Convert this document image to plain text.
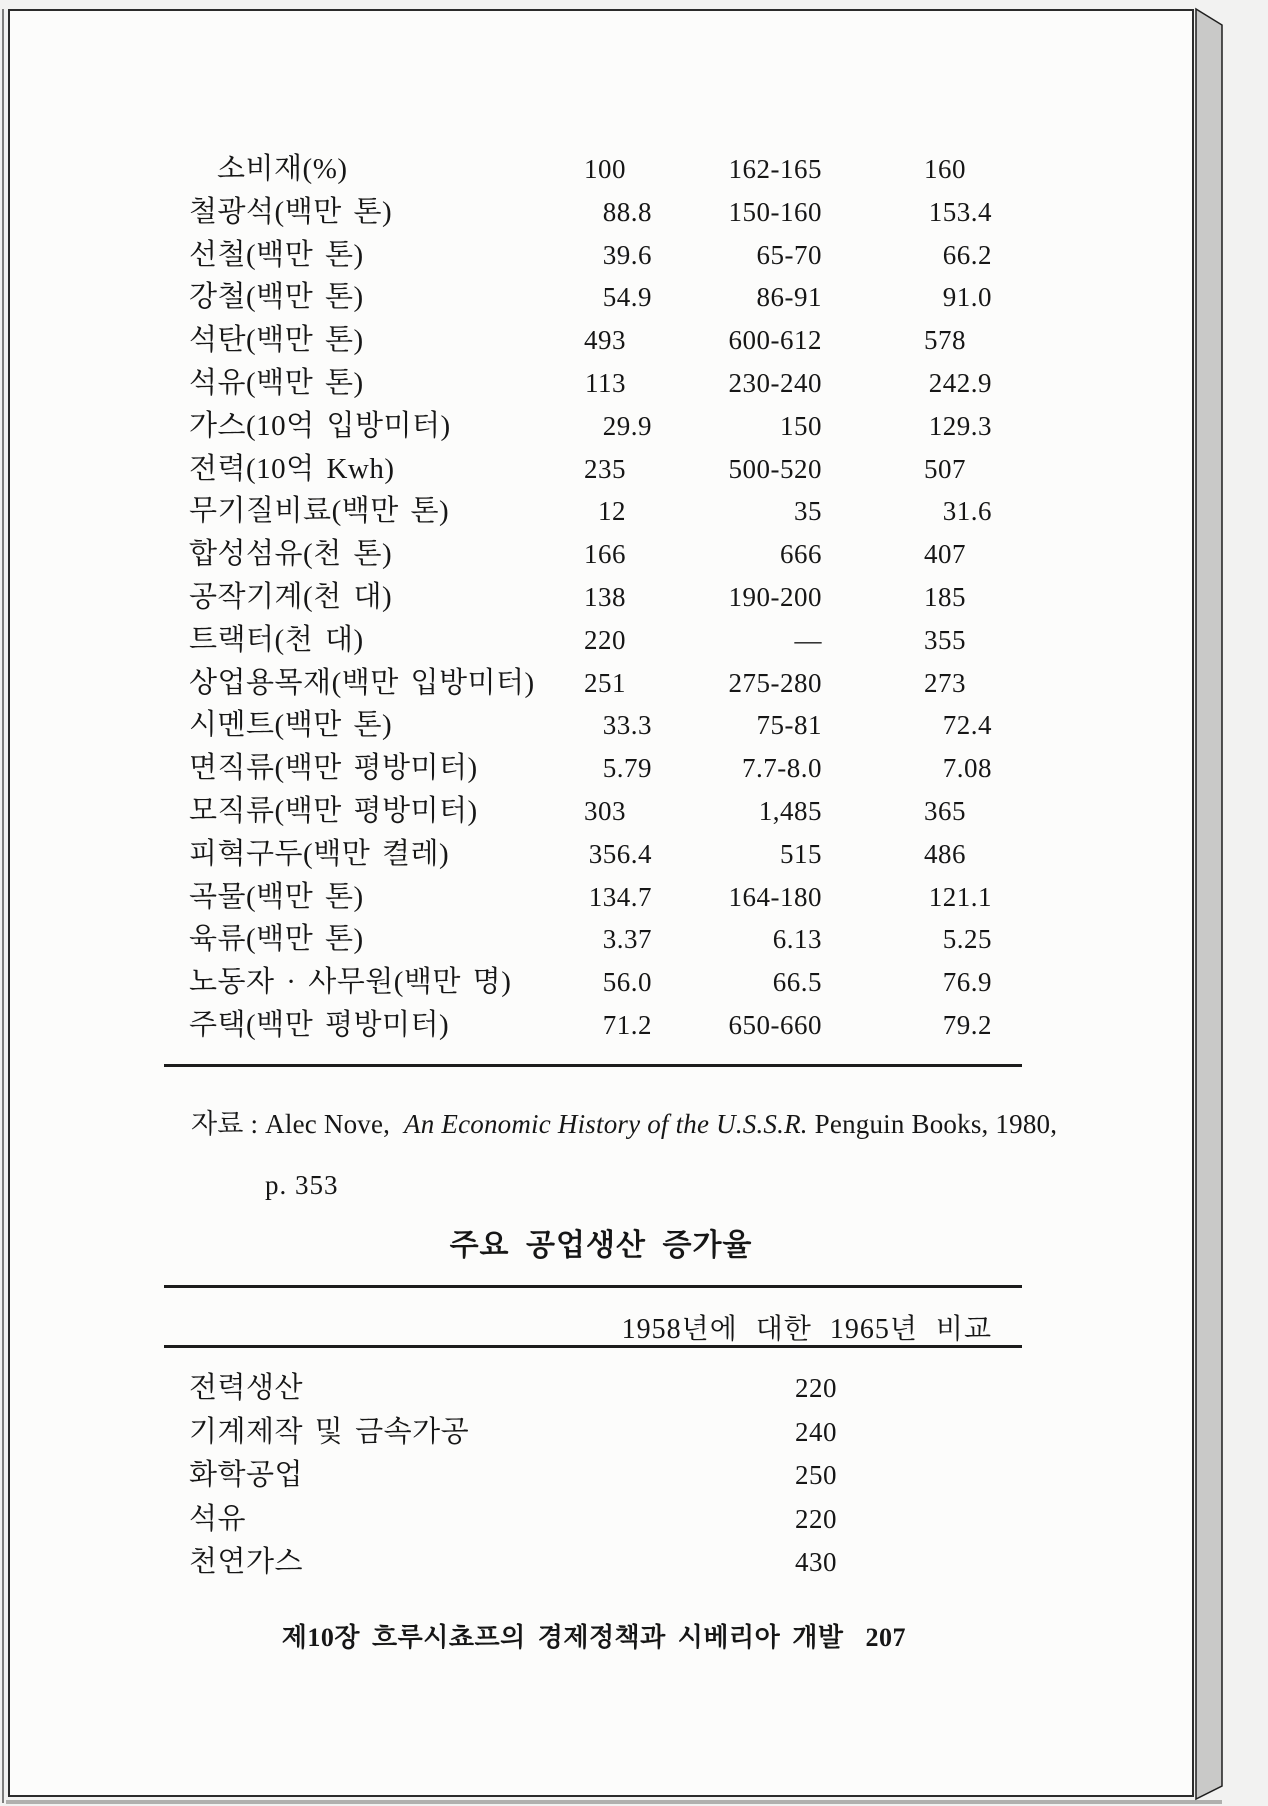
소비재(%)	100	162-165	160
철광석(백만 톤)	88.8	150-160	153.4
선철(백만 톤)	39.6	65-70	66.2
강철(백만 톤)	54.9	86-91	91.0
석탄(백만 톤)	493	600-612	578
석유(백만 톤)	113	230-240	242.9
가스(10억 입방미터)	29.9	150	129.3
전력(10억 Kwh)	235	500-520	507
무기질비료(백만 톤)	12	35	31.6
합성섬유(천 톤)	166	666	407
공작기계(천 대)	138	190-200	185
트랙터(천 대)	220	—	355
상업용목재(백만 입방미터)	251	275-280	273
시멘트(백만 톤)	33.3	75-81	72.4
면직류(백만 평방미터)	5.79	7.7-8.0	7.08
모직류(백만 평방미터)	303	1,485	365
피혁구두(백만 켤레)	356.4	515	486
곡물(백만 톤)	134.7	164-180	121.1
육류(백만 톤)	3.37	6.13	5.25
노동자 · 사무원(백만 명)	56.0	66.5	76.9
주택(백만 평방미터)	71.2	650-660	79.2
자료 : Alec Nove,  An Economic History of the U.S.S.R. Penguin Books, 1980,
p. 353
주요 공업생산 증가율
1958년에 대한 1965년 비교
전력생산	220
기계제작 및 금속가공	240
화학공업	250
석유	220
천연가스	430
제10장 흐루시쵸프의 경제정책과 시베리아 개발 207
